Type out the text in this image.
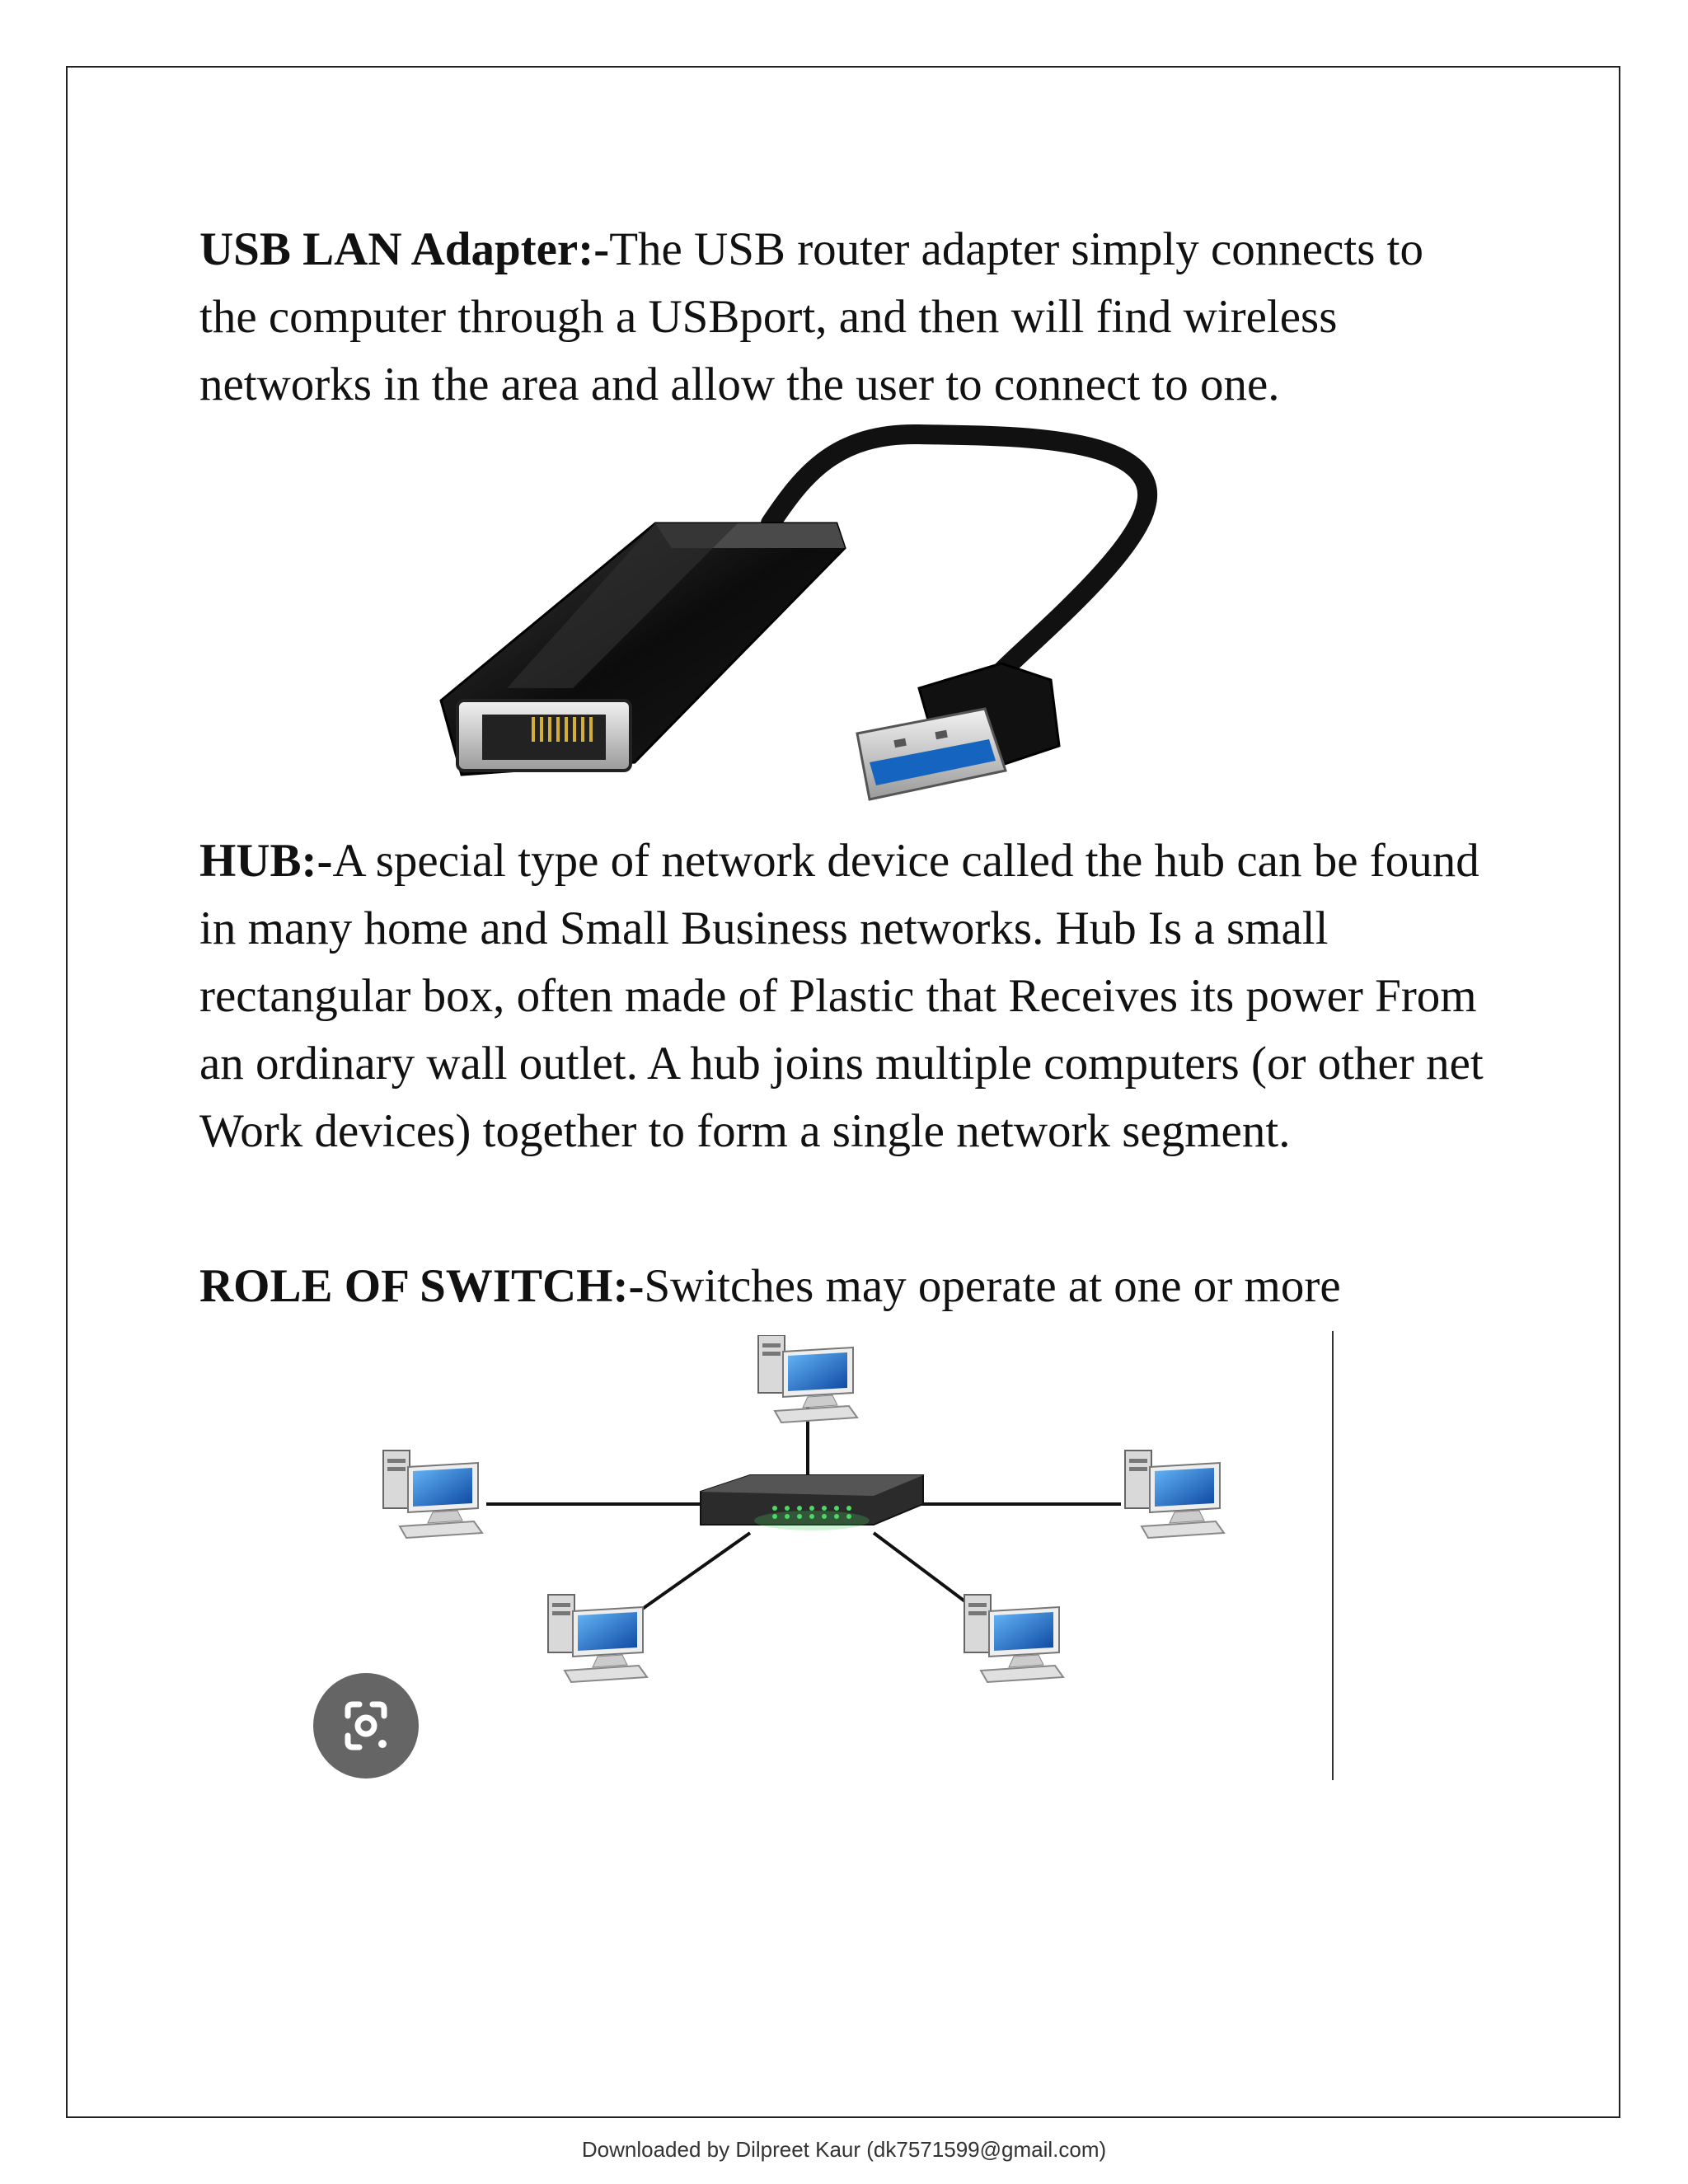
USB LAN Adapter:-The USB router adapter simply connects to the computer through a USBport, and then will find wireless networks in the area and allow the user to connect to one.

HUB:-A special type of network device called the hub can be found in many home and Small Business networks. Hub Is a small rectangular box, often made of Plastic that Receives its power From an ordinary wall outlet. A hub joins multiple computers (or other net Work devices) together to form a single network segment.

ROLE OF SWITCH:-Switches may operate at one or more

Downloaded by Dilpreet Kaur (dk7571599@gmail.com)
